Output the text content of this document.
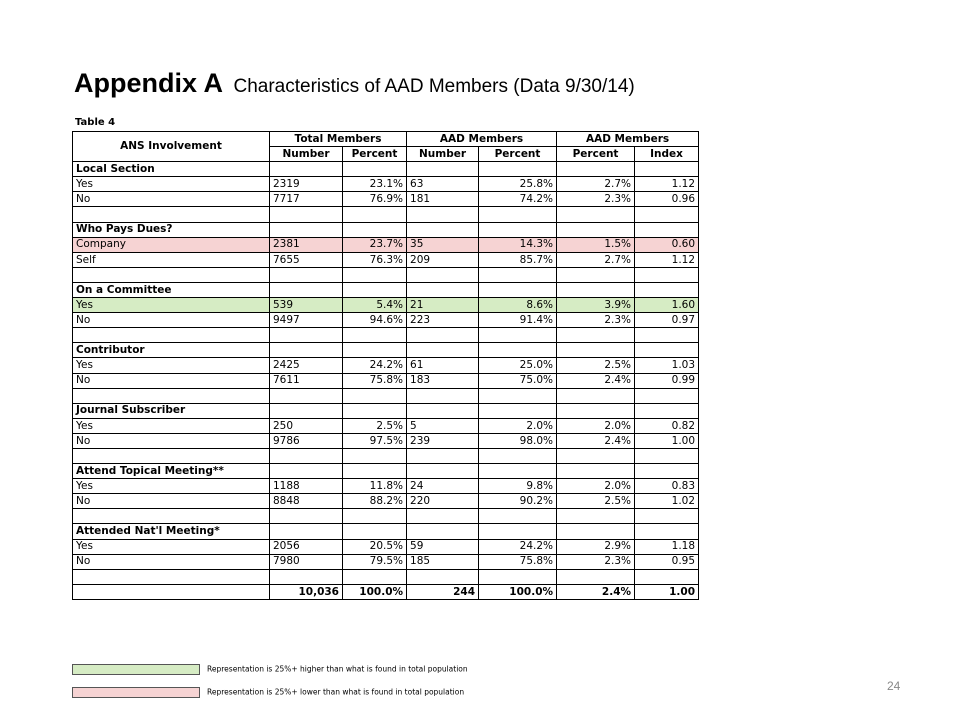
Appendix A Characteristics of AAD Members (Data 9/30/14)
Table 4
ANS Involvement	Total Members		AAD Members		AAD Members	
	Number	Percent	Number	Percent	Percent	Index
Local Section						
Yes	2319	23.1%	63	25.8%	2.7%	1.12
No	7717	76.9%	181	74.2%	2.3%	0.96

Who Pays Dues?						
Company	2381	23.7%	35	14.3%	1.5%	0.60
Self	7655	76.3%	209	85.7%	2.7%	1.12

On a Committee						
Yes	539	5.4%	21	8.6%	3.9%	1.60
No	9497	94.6%	223	91.4%	2.3%	0.97

Contributor						
Yes	2425	24.2%	61	25.0%	2.5%	1.03
No	7611	75.8%	183	75.0%	2.4%	0.99

Journal Subscriber						
Yes	250	2.5%	5	2.0%	2.0%	0.82
No	9786	97.5%	239	98.0%	2.4%	1.00

Attend Topical Meeting**						
Yes	1188	11.8%	24	9.8%	2.0%	0.83
No	8848	88.2%	220	90.2%	2.5%	1.02

Attended Nat'l Meeting*						
Yes	2056	20.5%	59	24.2%	2.9%	1.18
No	7980	79.5%	185	75.8%	2.3%	0.95

	10,036	100.0%	244	100.0%	2.4%	1.00
Representation is 25%+ higher than what is found in total population
Representation is 25%+ lower than what is found in total population	24
